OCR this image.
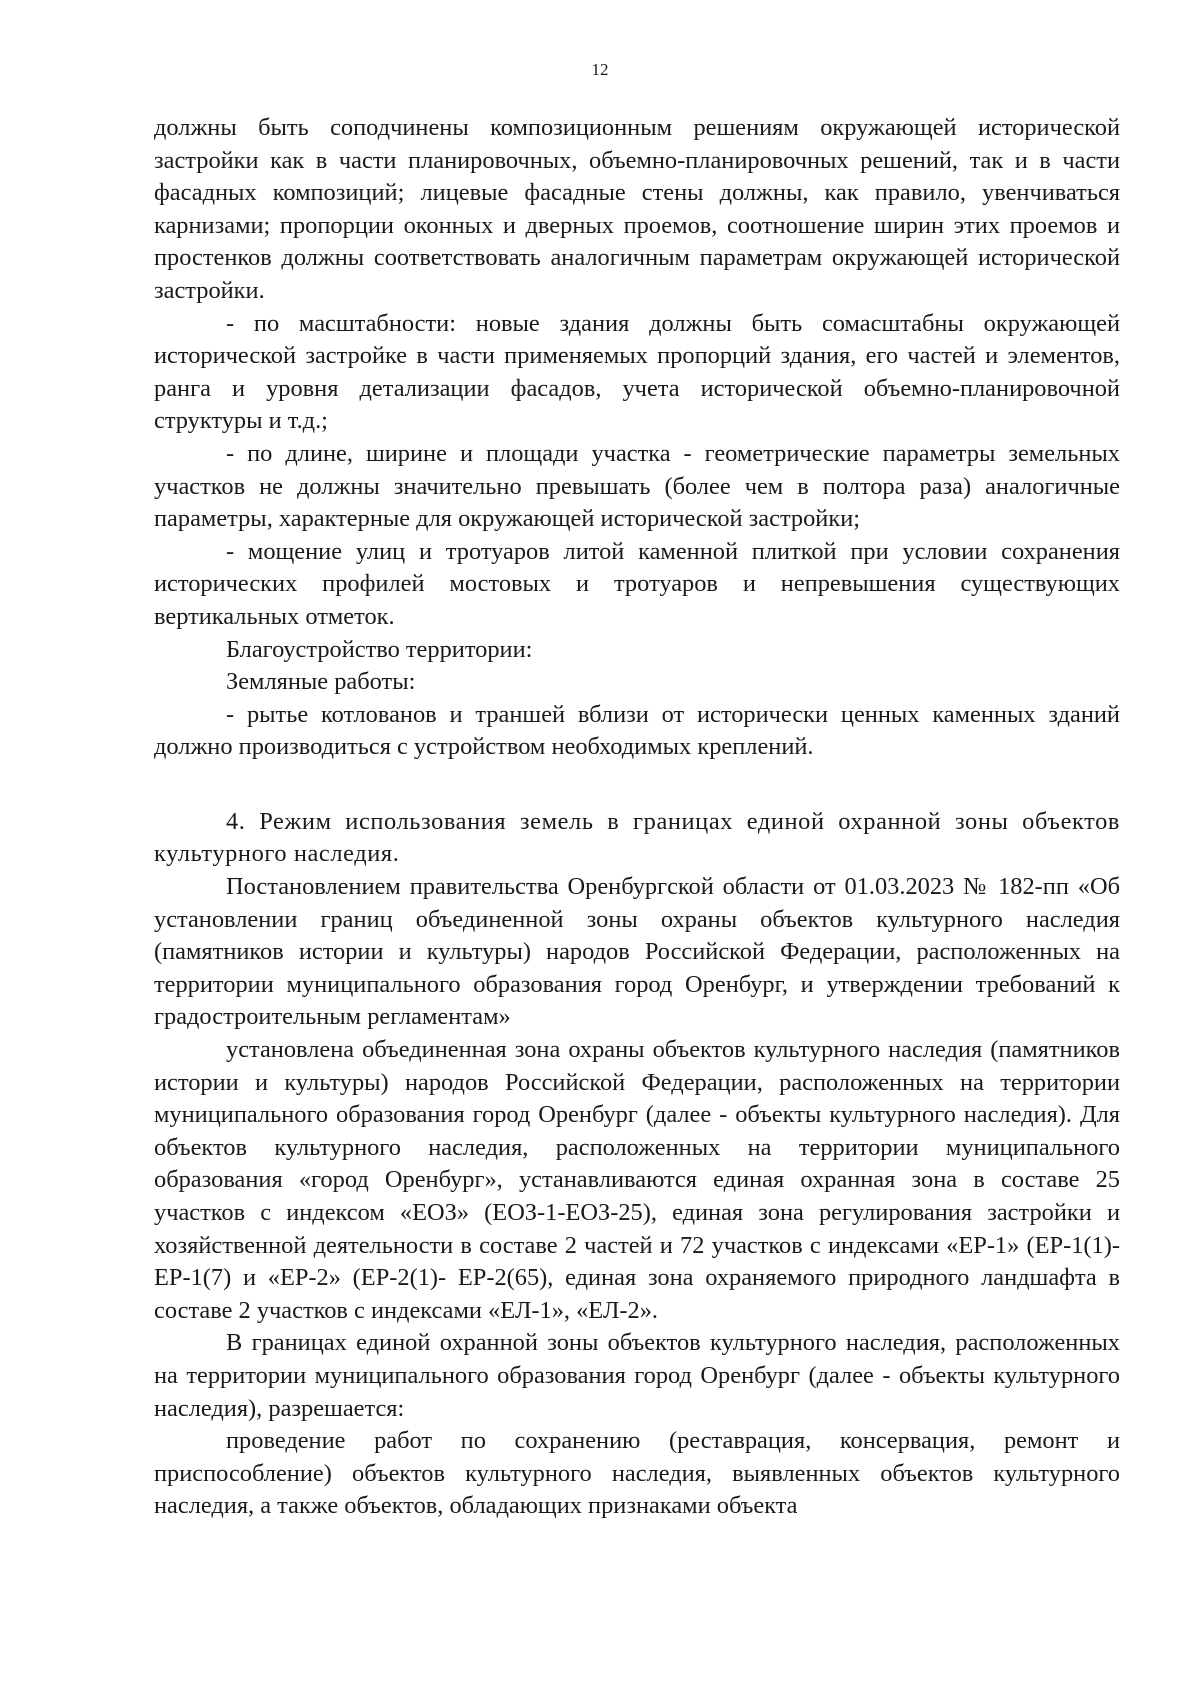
12

должны быть соподчинены композиционным решениям окружающей исторической застройки как в части планировочных, объемно-планировочных решений, так и в части фасадных композиций; лицевые фасадные стены должны, как правило, увенчиваться карнизами; пропорции оконных и дверных проемов, соотношение ширин этих проемов и простенков должны соответствовать аналогичным параметрам окружающей исторической застройки.

- по масштабности: новые здания должны быть сомасштабны окружающей исторической застройке в части применяемых пропорций здания, его частей и элементов, ранга и уровня детализации фасадов, учета исторической объемно-планировочной структуры и т.д.;

- по длине, ширине и площади участка - геометрические параметры земельных участков не должны значительно превышать (более чем в полтора раза) аналогичные параметры, характерные для окружающей исторической застройки;

- мощение улиц и тротуаров литой каменной плиткой при условии сохранения исторических профилей мостовых и тротуаров и непревышения существующих вертикальных отметок.

Благоустройство территории:

Земляные работы:

- рытье котлованов и траншей вблизи от исторически ценных каменных зданий должно производиться с устройством необходимых креплений.

4. Режим использования земель в границах единой охранной зоны объектов культурного наследия.

Постановлением правительства Оренбургской области от 01.03.2023 № 182-пп «Об установлении границ объединенной зоны охраны объектов культурного наследия (памятников истории и культуры) народов Российской Федерации, расположенных на территории муниципального образования город Оренбург, и утверждении требований к градостроительным регламентам»

установлена объединенная зона охраны объектов культурного наследия (памятников истории и культуры) народов Российской Федерации, расположенных на территории муниципального образования город Оренбург (далее - объекты культурного наследия). Для объектов культурного наследия, расположенных на территории муниципального образования «город Оренбург», устанавливаются единая охранная зона в составе 25 участков с индексом «ЕОЗ» (ЕОЗ-1-ЕОЗ-25), единая зона регулирования застройки и хозяйственной деятельности в составе 2 частей и 72 участков с индексами «ЕР-1» (ЕР-1(1)-ЕР-1(7) и «ЕР-2» (ЕР-2(1)- ЕР-2(65), единая зона охраняемого природного ландшафта в составе 2 участков с индексами «ЕЛ-1», «ЕЛ-2».

В границах единой охранной зоны объектов культурного наследия, расположенных на территории муниципального образования город Оренбург (далее - объекты культурного наследия), разрешается:

проведение работ по сохранению (реставрация, консервация, ремонт и приспособление) объектов культурного наследия, выявленных объектов культурного наследия, а также объектов, обладающих признаками объекта
